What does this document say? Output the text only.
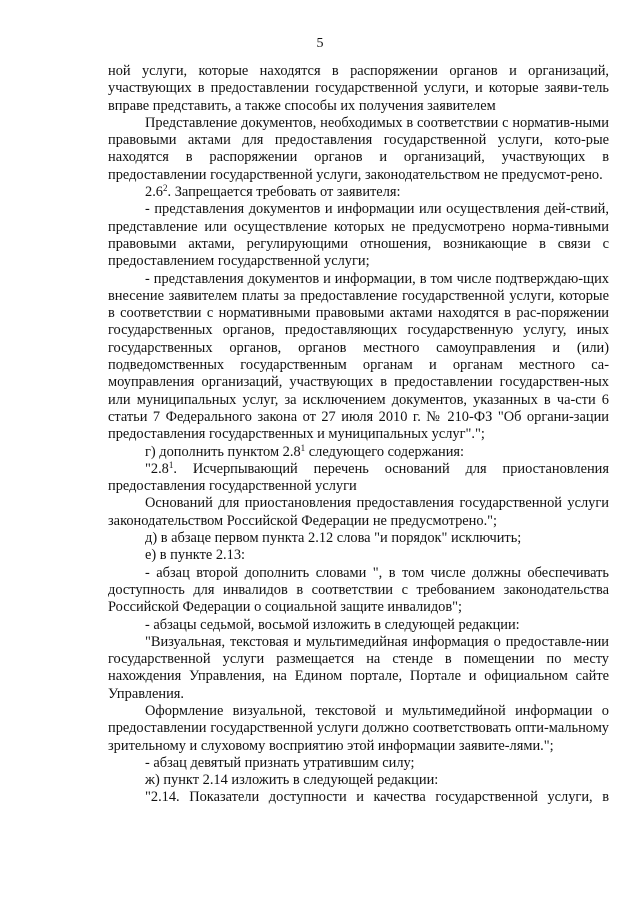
5

ной услуги, которые находятся в распоряжении органов и организаций, участвующих в предоставлении государственной услуги, и которые заяви-тель вправе представить, а также способы их получения заявителем

Представление документов, необходимых в соответствии с норматив-ными правовыми актами для предоставления государственной услуги, кото-рые находятся в распоряжении органов и организаций, участвующих в предоставлении государственной услуги, законодательством не предусмот-рено.

$2.6^2$. Запрещается требовать от заявителя:

- представления документов и информации или осуществления дей-ствий, представление или осуществление которых не предусмотрено норма-тивными правовыми актами, регулирующими отношения, возникающие в связи с предоставлением государственной услуги;

- представления документов и информации, в том числе подтверждаю-щих внесение заявителем платы за предоставление государственной услуги, которые в соответствии с нормативными правовыми актами находятся в рас-поряжении государственных органов, предоставляющих государственную услугу, иных государственных органов, органов местного самоуправления и (или) подведомственных государственным органам и органам местного са-моуправления организаций, участвующих в предоставлении государствен-ных или муниципальных услуг, за исключением документов, указанных в ча-сти 6 статьи 7 Федерального закона от 27 июля 2010 г. № 210-ФЗ "Об органи-зации предоставления государственных и муниципальных услуг".";

г) дополнить пунктом $2.8^1$ следующего содержания:

"$2.8^1$. Исчерпывающий перечень оснований для приостановления предоставления государственной услуги

Оснований для приостановления предоставления государственной услуги законодательством Российской Федерации не предусмотрено.";

д) в абзаце первом пункта 2.12 слова "и порядок" исключить;

е) в пункте 2.13:

- абзац второй дополнить словами ", в том числе должны обеспечивать доступность для инвалидов в соответствии с требованием законодательства Российской Федерации о социальной защите инвалидов";

- абзацы седьмой, восьмой изложить в следующей редакции:

"Визуальная, текстовая и мультимедийная информация о предоставле-нии государственной услуги размещается на стенде в помещении по месту нахождения Управления, на Едином портале, Портале и официальном сайте Управления.

Оформление визуальной, текстовой и мультимедийной информации о предоставлении государственной услуги должно соответствовать опти-мальному зрительному и слуховому восприятию этой информации заявите-лями.";

- абзац девятый признать утратившим силу;

ж) пункт 2.14 изложить в следующей редакции:

"2.14. Показатели доступности и качества государственной услуги, в
